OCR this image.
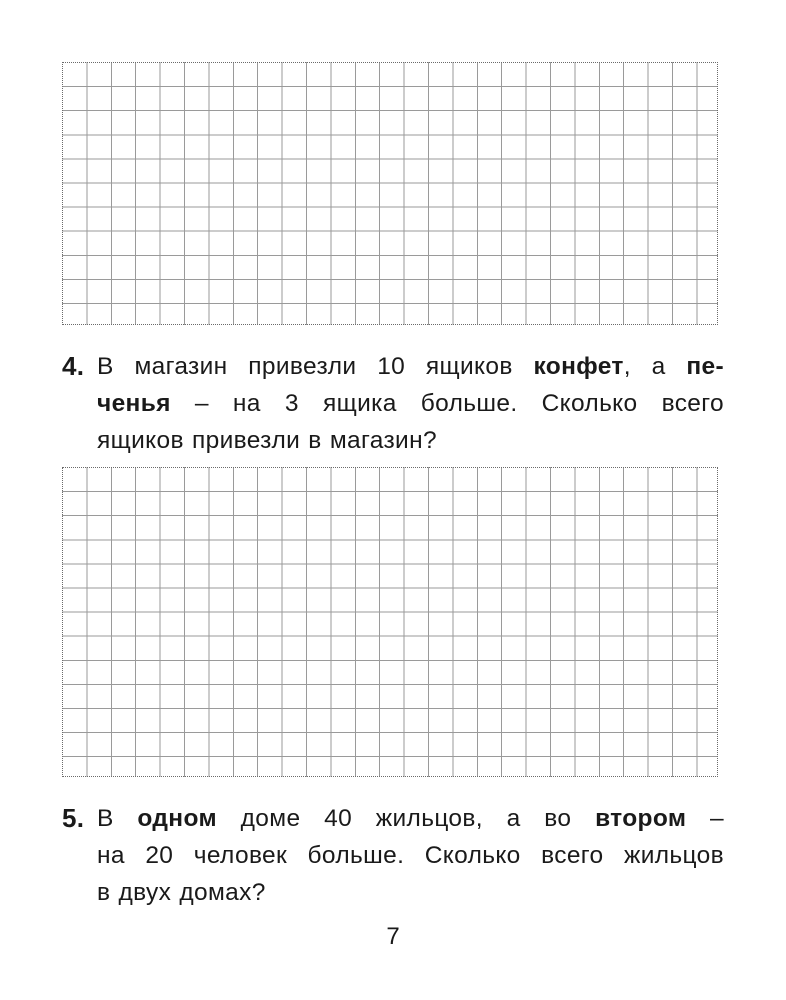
4. В магазин привезли 10 ящиков конфет, а пе-
ченья – на 3 ящика больше. Сколько всего
ящиков привезли в магазин?
5. В одном доме 40 жильцов, а во втором –
на 20 человек больше. Сколько всего жильцов
в двух домах?
7
